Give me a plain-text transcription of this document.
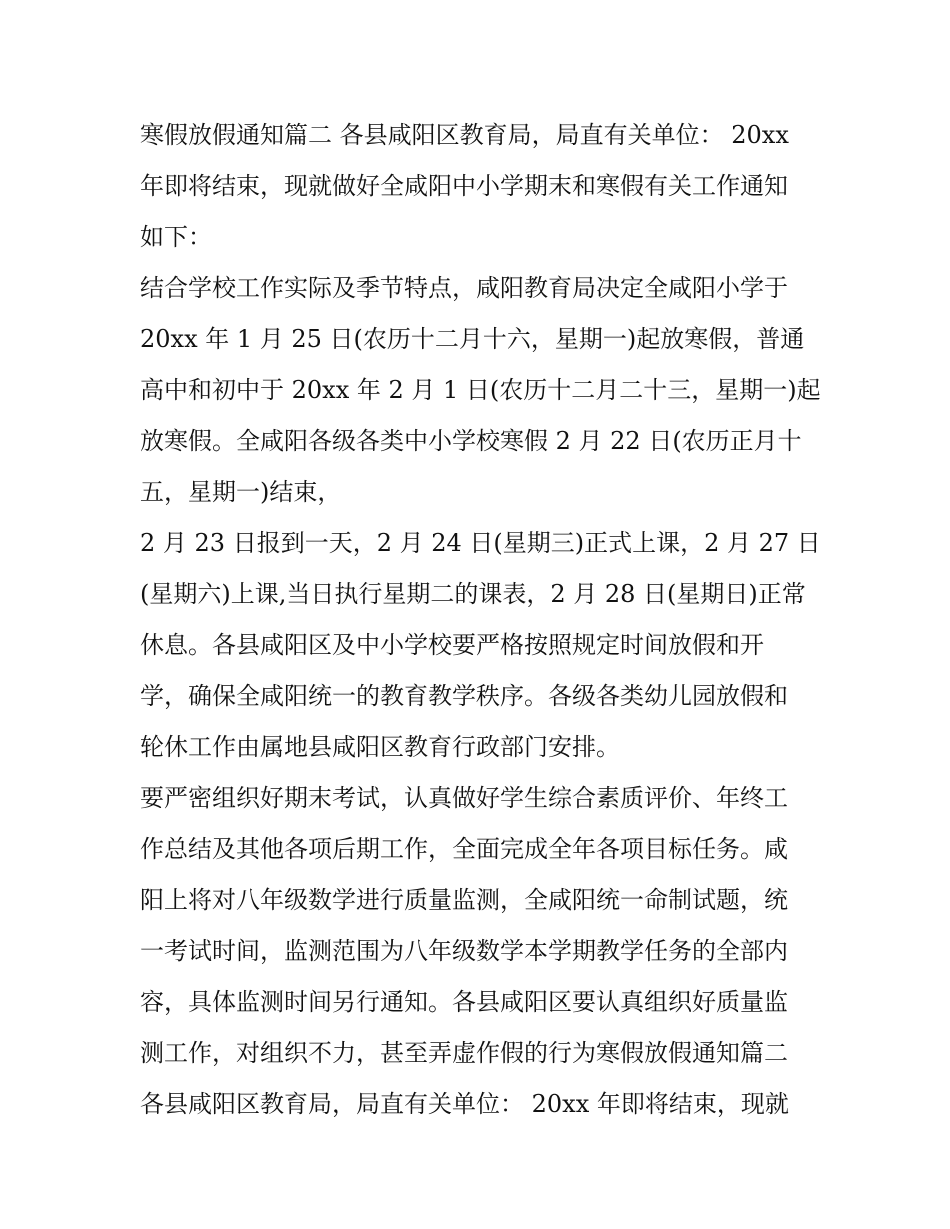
寒假放假通知篇二 各县咸阳区教育局，局直有关单位： 20xx
年即将结束，现就做好全咸阳中小学期末和寒假有关工作通知
如下：
结合学校工作实际及季节特点，咸阳教育局决定全咸阳小学于
20xx 年 1 月 25 日(农历十二月十六，星期一)起放寒假，普通
高中和初中于 20xx 年 2 月 1 日(农历十二月二十三，星期一)起
放寒假。全咸阳各级各类中小学校寒假 2 月 22 日(农历正月十
五，星期一)结束，
2 月 23 日报到一天，2 月 24 日(星期三)正式上课，2 月 27 日
(星期六)上课,当日执行星期二的课表，2 月 28 日(星期日)正常
休息。各县咸阳区及中小学校要严格按照规定时间放假和开
学，确保全咸阳统一的教育教学秩序。各级各类幼儿园放假和
轮休工作由属地县咸阳区教育行政部门安排。
要严密组织好期末考试，认真做好学生综合素质评价、年终工
作总结及其他各项后期工作，全面完成全年各项目标任务。咸
阳上将对八年级数学进行质量监测，全咸阳统一命制试题，统
一考试时间，监测范围为八年级数学本学期教学任务的全部内
容，具体监测时间另行通知。各县咸阳区要认真组织好质量监
测工作，对组织不力，甚至弄虚作假的行为寒假放假通知篇二
各县咸阳区教育局，局直有关单位： 20xx 年即将结束，现就
